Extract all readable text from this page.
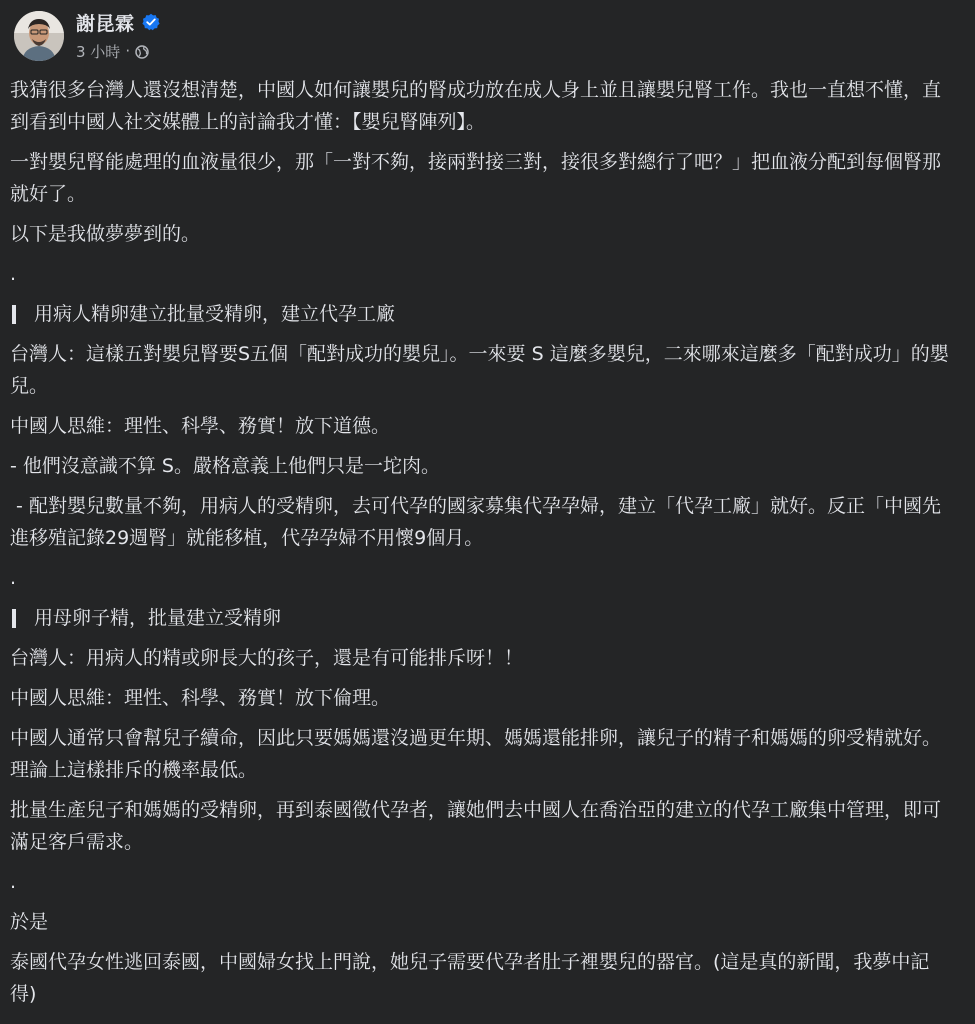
謝昆霖
3 小時 ·

我猜很多台灣人還沒想清楚，中國人如何讓嬰兒的腎成功放在成人身上並且讓嬰兒腎工作。我也一直想不懂，直到看到中國人社交媒體上的討論我才懂：【嬰兒腎陣列】。

一對嬰兒腎能處理的血液量很少，那「一對不夠，接兩對接三對，接很多對總行了吧？」把血液分配到每個腎那就好了。

以下是我做夢夢到的。

.

用病人精卵建立批量受精卵，建立代孕工廠

台灣人：這樣五對嬰兒腎要S五個「配對成功的嬰兒」。一來要 S 這麼多嬰兒，二來哪來這麼多「配對成功」的嬰兒。

中國人思維：理性、科學、務實！放下道德。

- 他們沒意識不算 S。嚴格意義上他們只是一坨肉。

- 配對嬰兒數量不夠，用病人的受精卵，去可代孕的國家募集代孕孕婦，建立「代孕工廠」就好。反正「中國先進移殖記錄29週腎」就能移植，代孕孕婦不用懷9個月。

.

用母卵子精，批量建立受精卵

台灣人：用病人的精或卵長大的孩子，還是有可能排斥呀！！

中國人思維：理性、科學、務實！放下倫理。

中國人通常只會幫兒子續命，因此只要媽媽還沒過更年期、媽媽還能排卵，讓兒子的精子和媽媽的卵受精就好。理論上這樣排斥的機率最低。

批量生產兒子和媽媽的受精卵，再到泰國徵代孕者，讓她們去中國人在喬治亞的建立的代孕工廠集中管理，即可滿足客戶需求。

.

於是

泰國代孕女性逃回泰國，中國婦女找上門說，她兒子需要代孕者肚子裡嬰兒的器官。(這是真的新聞，我夢中記得)
